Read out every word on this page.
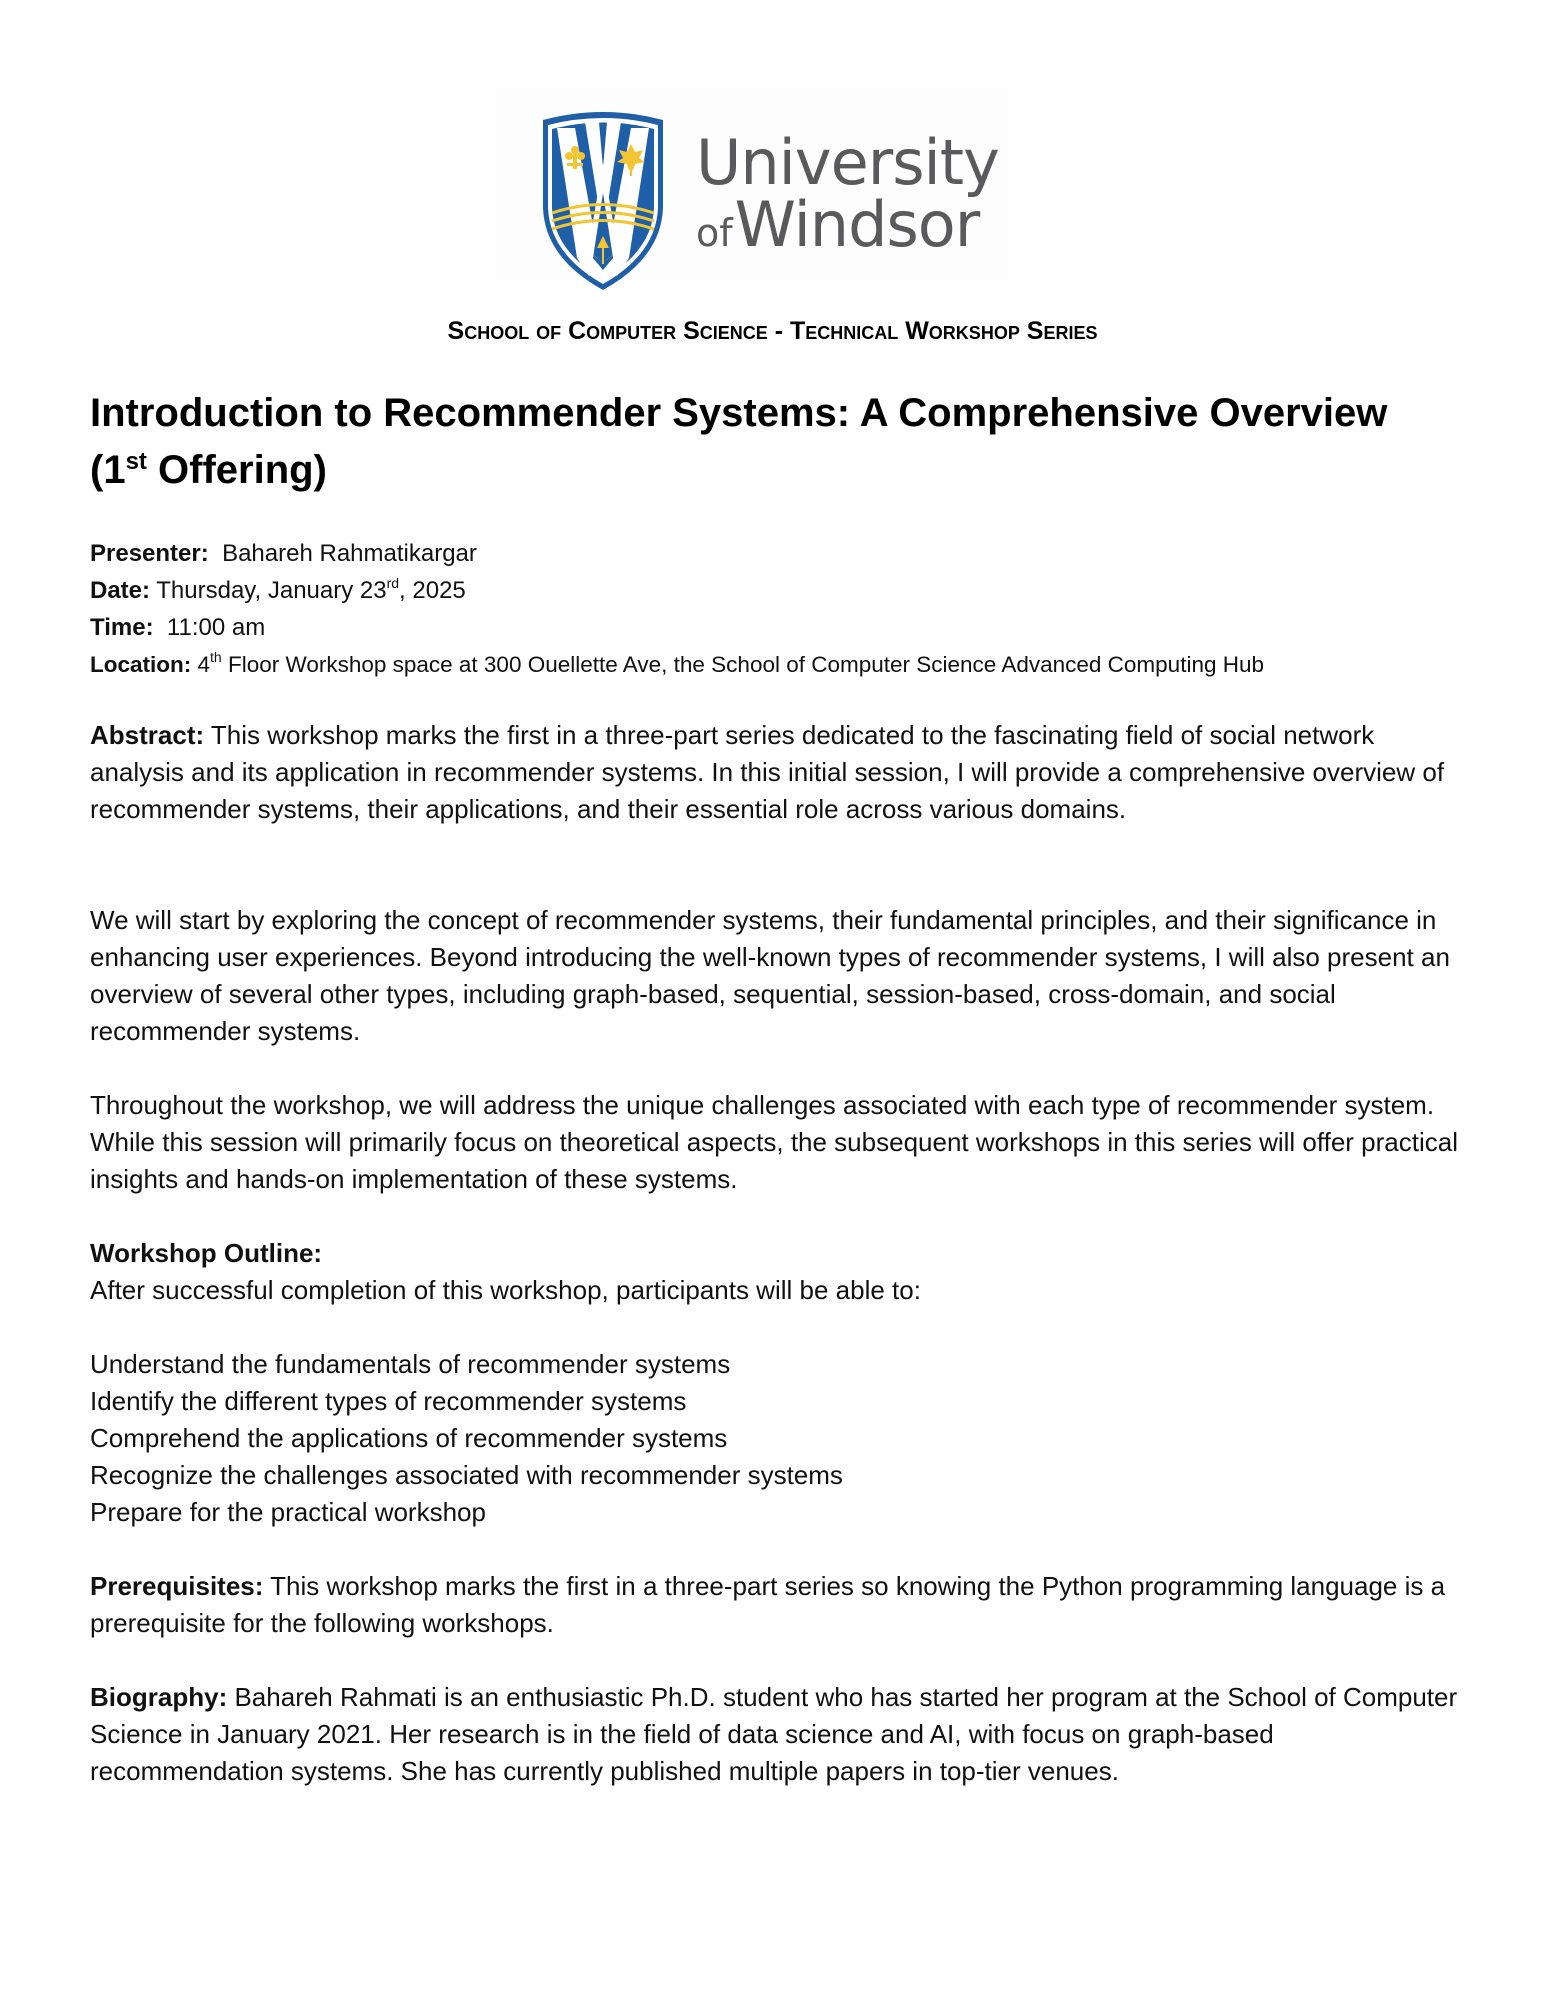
University
ofWindsor
School of Computer Science - Technical Workshop Series
Introduction to Recommender Systems: A Comprehensive Overview
(1st Offering)
Presenter: Bahareh Rahmatikargar
Date: Thursday, January 23rd, 2025
Time: 11:00 am
Location: 4th Floor Workshop space at 300 Ouellette Ave, the School of Computer Science Advanced Computing Hub
Abstract: This workshop marks the first in a three-part series dedicated to the fascinating field of social network analysis and its application in recommender systems. In this initial session, I will provide a comprehensive overview of recommender systems, their applications, and their essential role across various domains.
We will start by exploring the concept of recommender systems, their fundamental principles, and their significance in enhancing user experiences. Beyond introducing the well-known types of recommender systems, I will also present an overview of several other types, including graph-based, sequential, session-based, cross-domain, and social recommender systems.
Throughout the workshop, we will address the unique challenges associated with each type of recommender system. While this session will primarily focus on theoretical aspects, the subsequent workshops in this series will offer practical insights and hands-on implementation of these systems.
Workshop Outline:
After successful completion of this workshop, participants will be able to:
Understand the fundamentals of recommender systems
Identify the different types of recommender systems
Comprehend the applications of recommender systems
Recognize the challenges associated with recommender systems
Prepare for the practical workshop
Prerequisites: This workshop marks the first in a three-part series so knowing the Python programming language is a prerequisite for the following workshops.
Biography: Bahareh Rahmati is an enthusiastic Ph.D. student who has started her program at the School of Computer Science in January 2021. Her research is in the field of data science and AI, with focus on graph-based recommendation systems. She has currently published multiple papers in top-tier venues.
